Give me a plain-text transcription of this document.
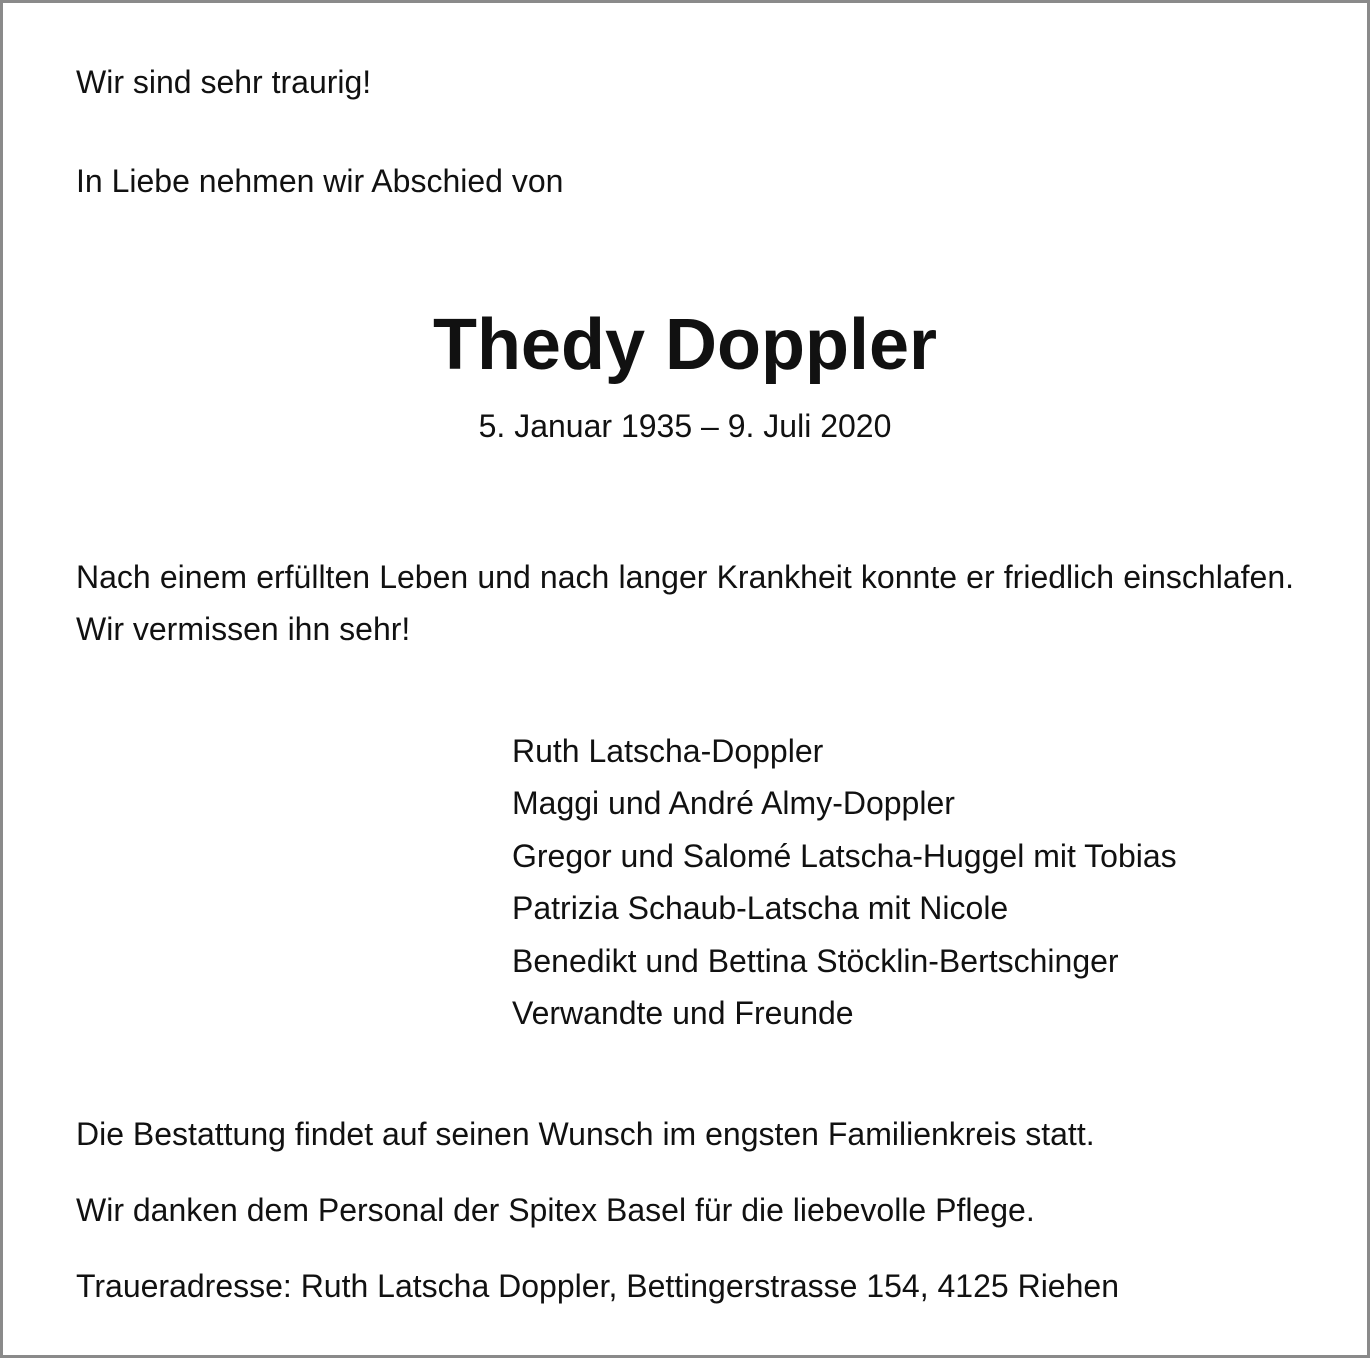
Wir sind sehr traurig!
In Liebe nehmen wir Abschied von
Thedy Doppler
5. Januar 1935 – 9. Juli 2020
Nach einem erfüllten Leben und nach langer Krankheit konnte er friedlich einschlafen. Wir vermissen ihn sehr!
Ruth Latscha-Doppler
Maggi und André Almy-Doppler
Gregor und Salomé Latscha-Huggel mit Tobias
Patrizia Schaub-Latscha mit Nicole
Benedikt und Bettina Stöcklin-Bertschinger
Verwandte und Freunde
Die Bestattung findet auf seinen Wunsch im engsten Familienkreis statt.
Wir danken dem Personal der Spitex Basel für die liebevolle Pflege.
Traueradresse: Ruth Latscha Doppler, Bettingerstrasse 154, 4125 Riehen
